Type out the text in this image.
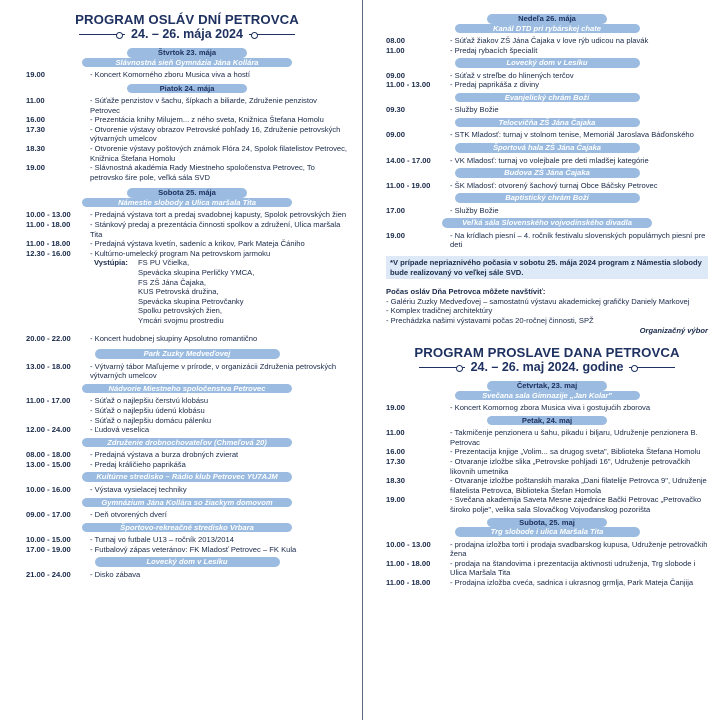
PROGRAM OSLÁV DNÍ PETROVCA
24. – 26. mája 2024
Štvrtok 23. mája
Slávnostná sieň Gymnázia Jána Kollára
19.00	- Koncert Komorného zboru Musica viva a hostí
Piatok 24. mája
11.00	- Súťaže penzistov v šachu, šípkach a biliarde, Združenie penzistov Petrovec
16.00	- Prezentácia knihy Milujem... z ného sveta, Knižnica Štefana Homolu
17.30	- Otvorenie výstavy obrazov Petrovské pohľady 16, Združenie petrovských výtvarných umelcov
18.30	- Otvorenie výstavy poštových známok Flóra 24, Spolok filatelistov Petrovec, Knižnica Štefana Homolu
19.00	- Slávnostná akadémia Rady Miestneho spoločenstva Petrovec, To petrovsko šire pole, veľká sála SVD
Sobota 25. mája
Námestie slobody a Ulica maršala Tita
10.00 - 13.00	- Predajná výstava tort a predaj svadobnej kapusty, Spolok petrovských žien
11.00 - 18.00	- Stánkový predaj a prezentácia činnosti spolkov a združení, Ulica maršala Tita
11.00 - 18.00	- Predajná výstava kvetín, sadeníc a krikov, Park Mateja Čániho
12.30 - 16.00	- Kultúrno-umelecký program Na petrovskom jarmoku
Vystúpia: FS PU Včielka,
Spevácka skupina Perličky YMCA,
FS ZŠ Jána Čajaka,
KUS Petrovská družina,
Spevácka skupina Petrovčanky
Spolku petrovských žien,
Ymcári svojmu prostrediu
20.00 - 22.00	- Koncert hudobnej skupiny Apsolutno romantično
Park Zuzky Medveďovej
13.00 - 18.00	- Výtvarný tábor Maľujeme v prírode, v organizácii Združenia petrovských výtvarných umelcov
Nádvorie Miestneho spoločenstva Petrovec
11.00 - 17.00	- Súťaž o najlepšiu čerstvú klobásu
- Súťaž o najlepšiu údenú klobásu
- Súťaž o najlepšiu domácu pálenku
12.00 - 24.00	- Ľudová veselica
Združenie drobnochovateľov (Chmeľová 20)
08.00 - 18.00	- Predajná výstava a burza drobných zvierat
13.00 - 15.00	- Predaj králičieho paprikáša
Kultúrne stredisko – Rádio klub Petrovec YU7AJM
10.00 - 16.00	- Výstava vysielacej techniky
Gymnázium Jána Kollára so žiackym domovom
09.00 - 17.00	- Deň otvorených dverí
Športovo-rekreačné stredisko Vrbara
10.00 - 15.00	- Turnaj vo futbale U13 – ročník 2013/2014
17.00 - 19.00	- Futbalový zápas veteránov: FK Mladosť Petrovec – FK Kula
Lovecký dom v Lesíku
21.00 - 24.00	- Disko zábava
Nedeľa 26. mája
Kanál DTD pri rybárskej chate
08.00	- Súťaž žiakov ZŠ Jána Čajaka v love rýb udicou na plavák
11.00	- Predaj rybacích špecialít
Lovecký dom v Lesíku
09.00	- Súťaž v streľbe do hlinených terčov
11.00 - 13.00	- Predaj paprikáša z diviny
Evanjelický chrám Boží
09.30	- Služby Božie
Telocvičňa ZŠ Jána Čajaka
09.00	- STK Mladosť: turnaj v stolnom tenise, Memoriál Jaroslava Báďonského
Športová hala ZŠ Jána Čajaka
14.00 - 17.00	- VK Mladosť: turnaj vo volejbale pre deti mladšej kategórie
Budova ZŠ Jána Čajaka
11.00 - 19.00	- ŠK Mladosť: otvorený šachový turnaj Obce Báčsky Petrovec
Baptistický chrám Boží
17.00	- Služby Božie
Veľká sála Slovenského vojvodinského divadla
19.00	- Na krídlach piesní – 4. ročník festivalu slovenských populárnych piesní pre deti
*V prípade nepriaznivého počasia v sobotu 25. mája 2024 program z Námestia slobody bude realizovaný vo veľkej sále SVD.
Počas osláv Dňa Petrovca môžete navštíviť:
- Galériu Zuzky Medveďovej – samostatnú výstavu akademickej grafičky Daniely Markovej
- Komplex tradičnej architektúry
- Prechádzka našimi výstavami počas 20-ročnej činnosti, SPŽ
Organizačný výbor
PROGRAM PROSLAVE DANA PETROVCA
24. – 26. maj 2024. godine
Četvrtak, 23. maj
Svečana sala Gimnazije „Jan Kolar"
19.00	- Koncert Komornog zbora Musica viva i gostujućih zborova
Petak, 24. maj
11.00	- Takmičenje penzionera u šahu, pikadu i biljaru, Udruženje penzionera B. Petrovac
16.00	- Prezentacija knjige „Volim... sa drugog sveta", Biblioteka Štefana Homolu
17.30	- Otvaranje izložbe slika „Petrovske pohljadi 16", Udruženje petrovačkih likovnih umetnika
18.30	- Otvaranje izložbe poštanskih maraka „Dani filatelije Petrovca 9", Udruženje filatelista Petrovca, Biblioteka Štefan Homola
19.00	- Svečana akademija Saveta Mesne zajednice Bački Petrovac „Petrovačko široko polje", velika sala Slovačkog Vojvođanskog pozorišta
Subota, 25. maj
Trg slobode i ulica Maršala Tita
10.00 - 13.00	- prodajna izložba torti i prodaja svadbarskog kupusa, Udruženje petrovačkih žena
11.00 - 18.00	- prodaja na štandovima i prezentacija aktivnosti udruženja, Trg slobode i Ulica Maršala Tita
11.00 - 18.00	- Prodajna izložba cveća, sadnica i ukrasnog grmlja, Park Mateja Čanjija
